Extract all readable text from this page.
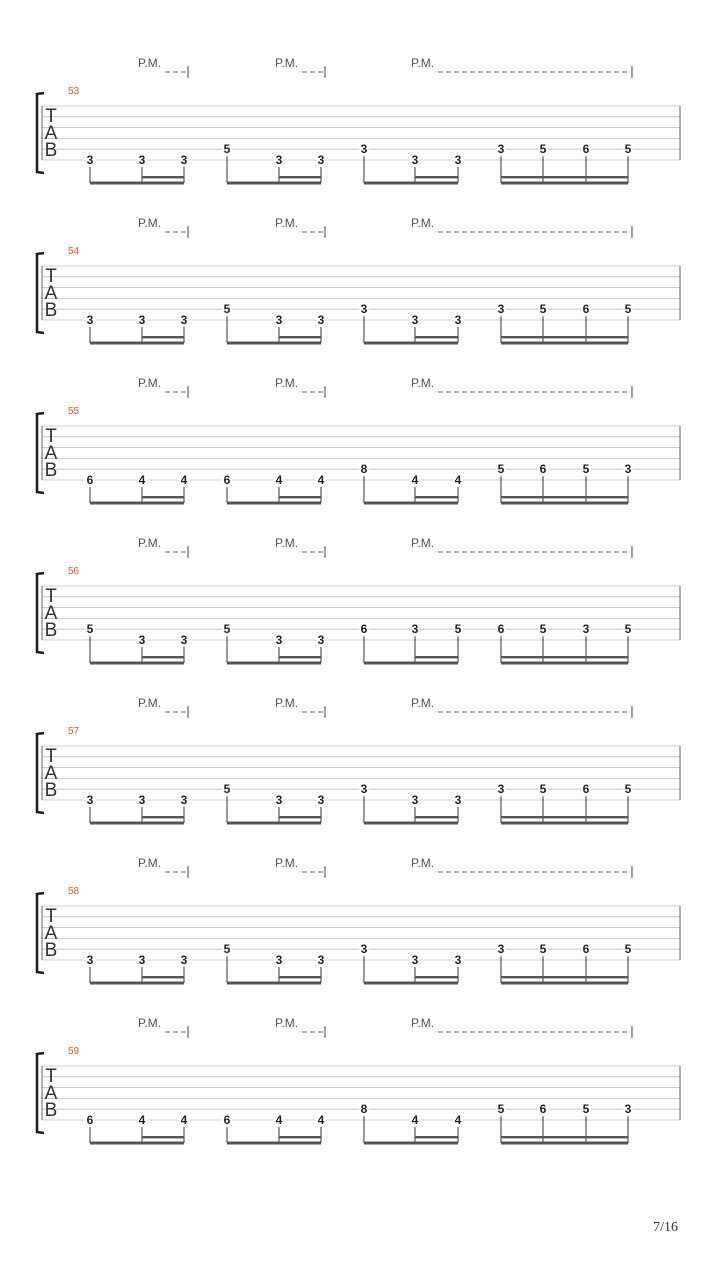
P.M.	P.M.	P.M.
53
T
A
B 3	3	3
5
3	3
3
3	3
3	5	6	5
P.M.	P.M.	P.M.
54
T
A
B 3	3	3
5
3	3
3
3	3
3	5	6	5
P.M.	P.M.	P.M.
55
T
A
B 6	4	4	6	4	4
8
4	4
5	6	5	3
P.M.	P.M.	P.M.
56
T
A
B 5
3	3
5
3	3
6	3	5	6	5	3	5
P.M.	P.M.	P.M.
57
T
A
B 3	3	3
5
3	3
3
3	3
3	5	6	5
P.M.	P.M.	P.M.
58
T
A
B 3	3	3
5
3	3
3
3	3
3	5	6	5
P.M.	P.M.	P.M.
59
T
A
B 6	4	4	6	4	4
8
4	4
5	6	5	3
7/16
